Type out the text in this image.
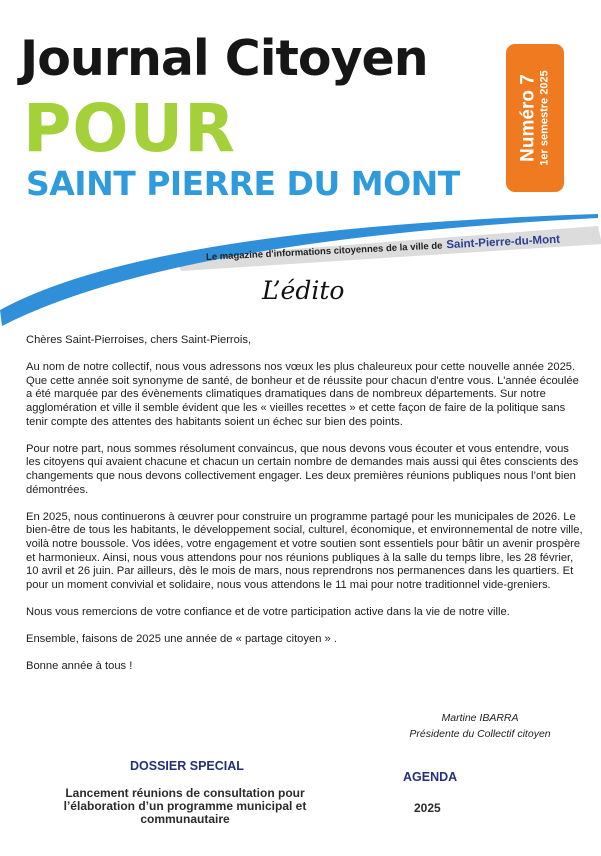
Journal Citoyen
POUR
SAINT PIERRE DU MONT
Numéro 7 1er semestre 2025
Le magazine d'informations citoyennes de la ville de Saint-Pierre-du-Mont
L’édito

Chères Saint-Pierroises, chers Saint-Pierrois,

Au nom de notre collectif, nous vous adressons nos vœux les plus chaleureux pour cette nouvelle année 2025. Que cette année soit synonyme de santé, de bonheur et de réussite pour chacun d'entre vous. L'année écoulée a été marquée par des évènements climatiques dramatiques dans de nombreux départements. Sur notre agglomération et ville il semble évident que les « vieilles recettes » et cette façon de faire de la politique sans tenir compte des attentes des habitants soient un échec sur bien des points.

Pour notre part, nous sommes résolument convaincus, que nous devons vous écouter et vous entendre, vous les citoyens qui avaient chacune et chacun un certain nombre de demandes mais aussi qui êtes conscients des changements que nous devons collectivement engager. Les deux premières réunions publiques nous l’ont bien démontrées.

En 2025, nous continuerons à œuvrer pour construire un programme partagé pour les municipales de 2026. Le bien-être de tous les habitants, le développement social, culturel, économique, et environnemental de notre ville, voilà notre boussole. Vos idées, votre engagement et votre soutien sont essentiels pour bâtir un avenir prospère et harmonieux. Ainsi, nous vous attendons pour nos réunions publiques à la salle du temps libre, les 28 février, 10 avril et 26 juin. Par ailleurs, dès le mois de mars, nous reprendrons nos permanences dans les quartiers. Et pour un moment convivial et solidaire, nous vous attendons le 11 mai pour notre traditionnel vide-greniers.

Nous vous remercions de votre confiance et de votre participation active dans la vie de notre ville.

Ensemble, faisons de 2025 une année de « partage citoyen » .

Bonne année à tous !

Martine IBARRA
Présidente du Collectif citoyen
DOSSIER SPECIAL

Lancement réunions de consultation pour l’élaboration d’un programme municipal et communautaire

AGENDA

2025
